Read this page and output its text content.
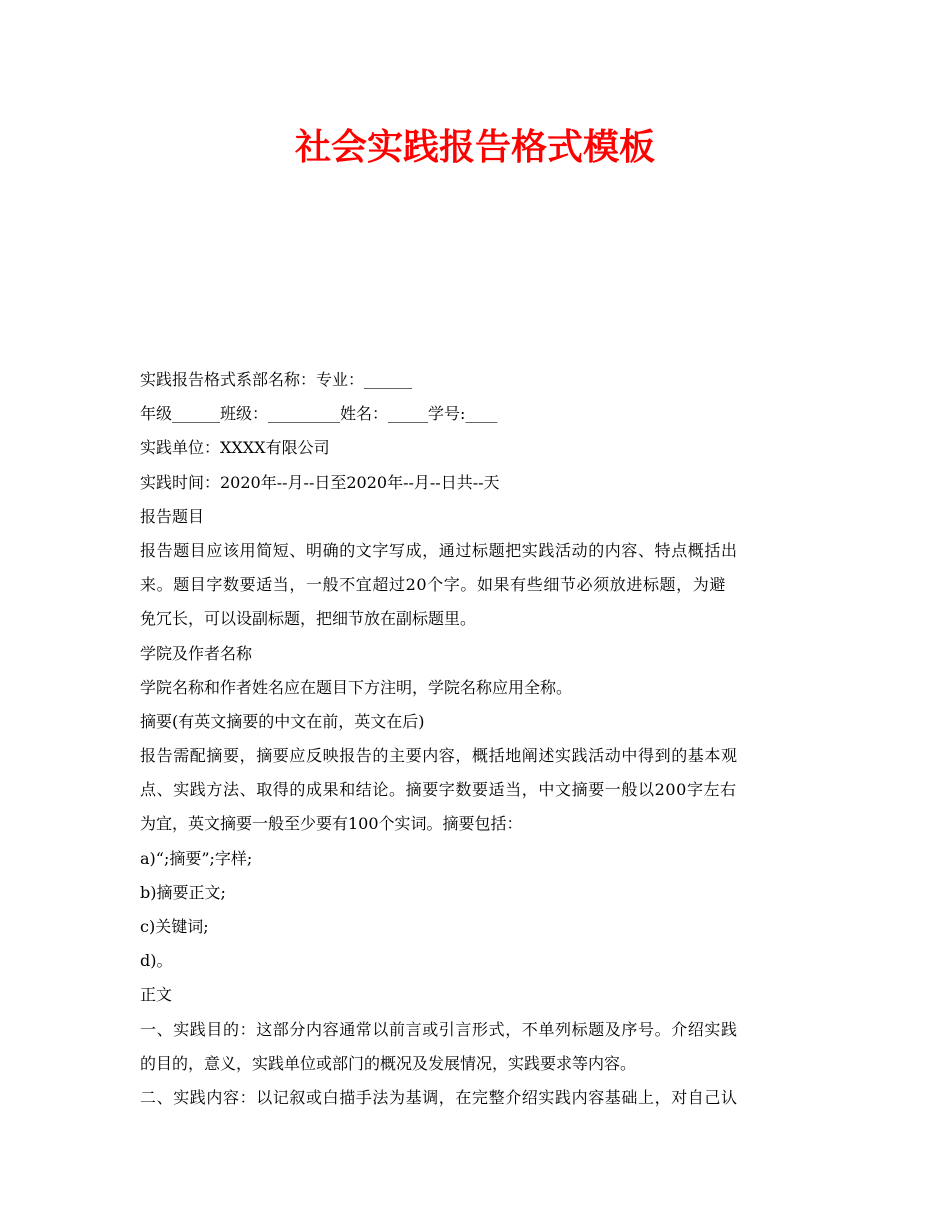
社会实践报告格式模板
实践报告格式系部名称：专业：______
年级______班级：_________姓名：_____学号:____
实践单位：XXXX有限公司
实践时间：2020年--月--日至2020年--月--日共--天
报告题目
报告题目应该用简短、明确的文字写成，通过标题把实践活动的内容、特点概括出
来。题目字数要适当，一般不宜超过20个字。如果有些细节必须放进标题，为避
免冗长，可以设副标题，把细节放在副标题里。
学院及作者名称
学院名称和作者姓名应在题目下方注明，学院名称应用全称。
摘要(有英文摘要的中文在前，英文在后)
报告需配摘要，摘要应反映报告的主要内容，概括地阐述实践活动中得到的基本观
点、实践方法、取得的成果和结论。摘要字数要适当，中文摘要一般以200字左右
为宜，英文摘要一般至少要有100个实词。摘要包括：
a)“;摘要”;字样;
b)摘要正文;
c)关键词;
d)。
正文
一、实践目的：这部分内容通常以前言或引言形式，不单列标题及序号。介绍实践
的目的，意义，实践单位或部门的概况及发展情况，实践要求等内容。
二、实践内容：以记叙或白描手法为基调，在完整介绍实践内容基础上，对自己认
